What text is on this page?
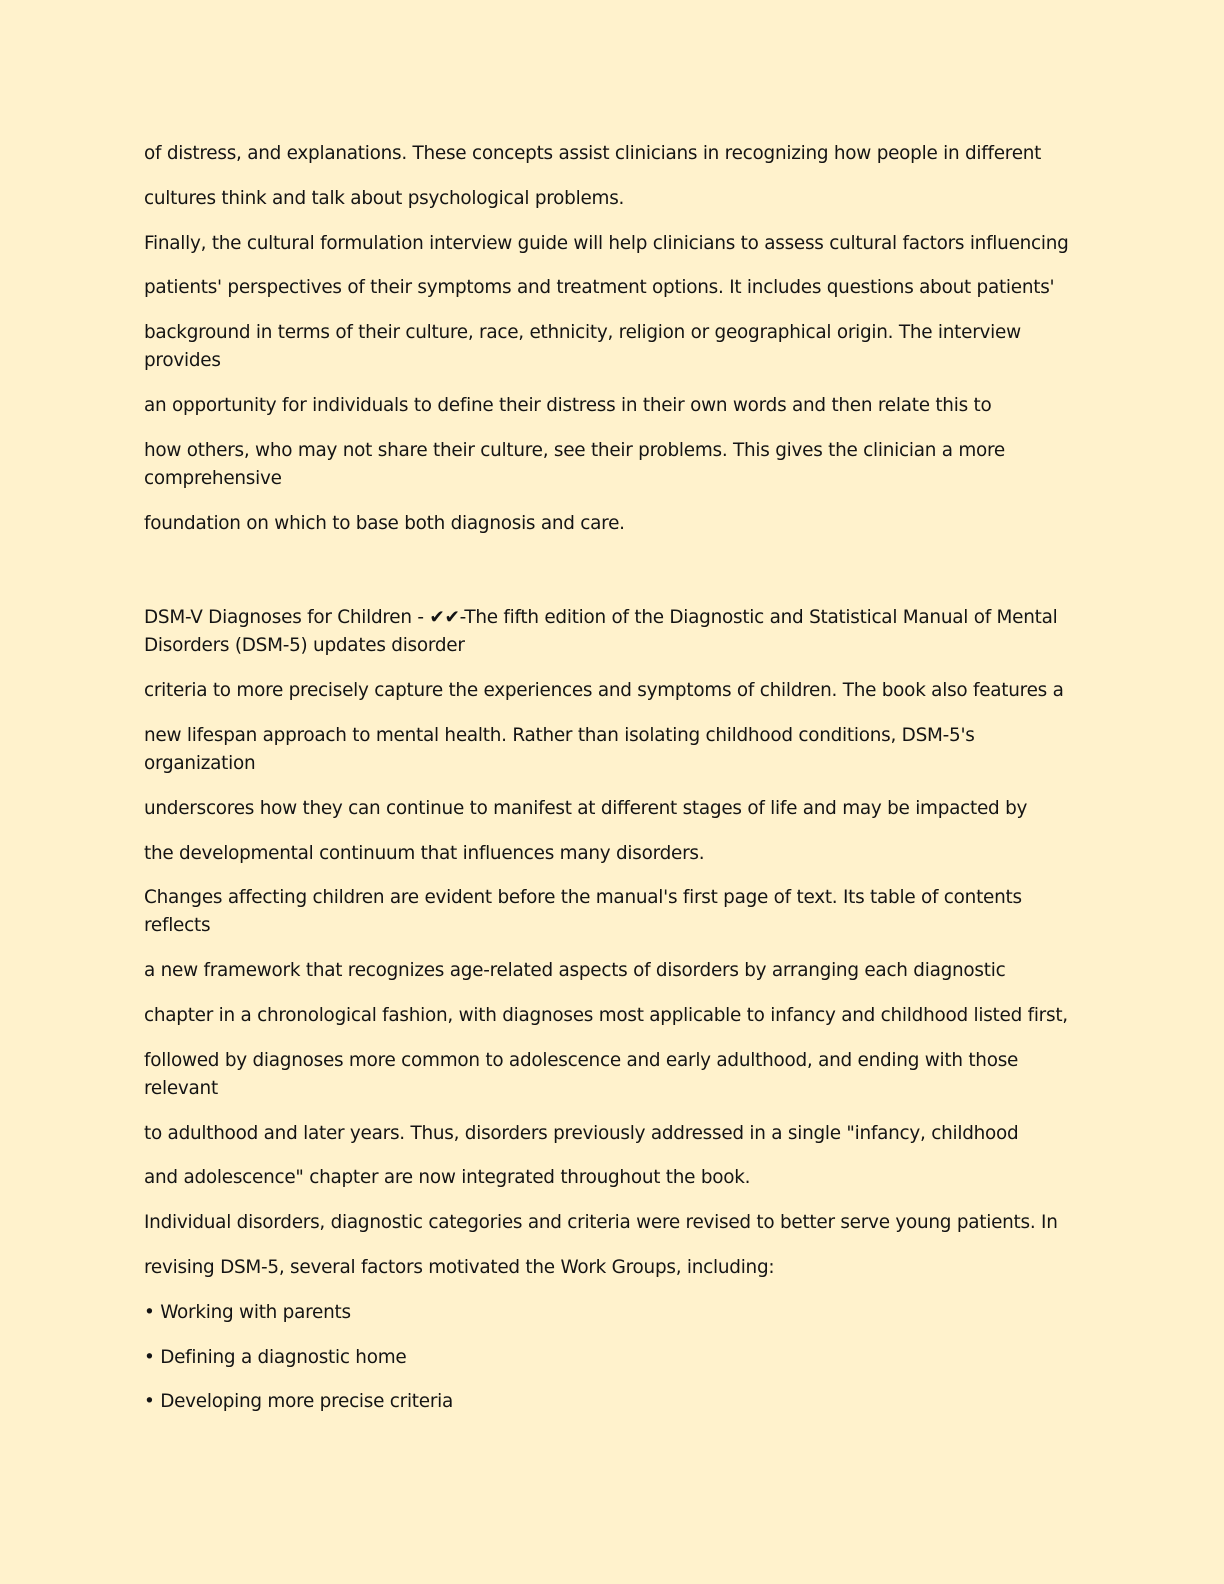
of distress, and explanations. These concepts assist clinicians in recognizing how people in different

cultures think and talk about psychological problems.

Finally, the cultural formulation interview guide will help clinicians to assess cultural factors influencing

patients' perspectives of their symptoms and treatment options. It includes questions about patients'

background in terms of their culture, race, ethnicity, religion or geographical origin. The interview provides

an opportunity for individuals to define their distress in their own words and then relate this to

how others, who may not share their culture, see their problems. This gives the clinician a more comprehensive

foundation on which to base both diagnosis and care.

DSM-V Diagnoses for Children - ✔✔-The fifth edition of the Diagnostic and Statistical Manual of Mental Disorders (DSM-5) updates disorder

criteria to more precisely capture the experiences and symptoms of children. The book also features a

new lifespan approach to mental health. Rather than isolating childhood conditions, DSM-5's organization

underscores how they can continue to manifest at different stages of life and may be impacted by

the developmental continuum that influences many disorders.

Changes affecting children are evident before the manual's first page of text. Its table of contents reflects

a new framework that recognizes age-related aspects of disorders by arranging each diagnostic

chapter in a chronological fashion, with diagnoses most applicable to infancy and childhood listed first,

followed by diagnoses more common to adolescence and early adulthood, and ending with those relevant

to adulthood and later years. Thus, disorders previously addressed in a single "infancy, childhood

and adolescence" chapter are now integrated throughout the book.

Individual disorders, diagnostic categories and criteria were revised to better serve young patients. In

revising DSM-5, several factors motivated the Work Groups, including:

• Working with parents

• Defining a diagnostic home

• Developing more precise criteria
